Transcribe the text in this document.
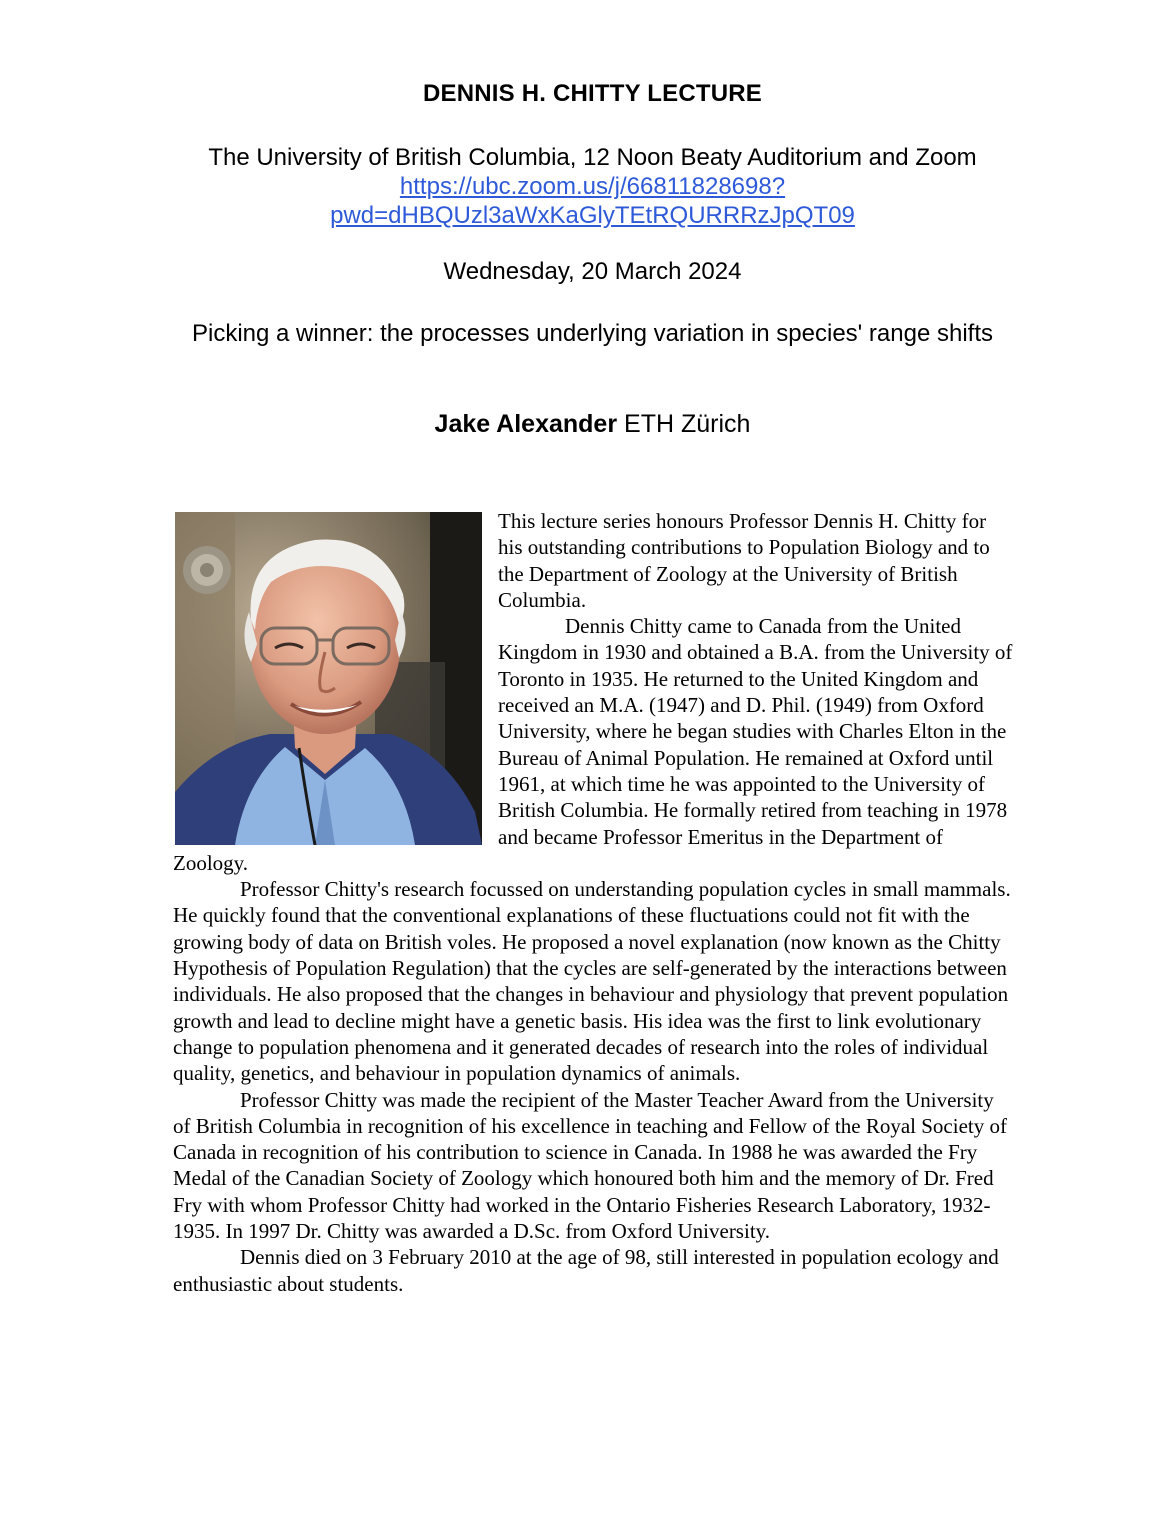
DENNIS H. CHITTY LECTURE
The University of British Columbia, 12 Noon Beaty Auditorium and Zoom https://ubc.zoom.us/j/66811828698?
pwd=dHBQUzl3aWxKaGlyTEtRQURRRzJpQT09
Wednesday, 20 March 2024
Picking a winner: the processes underlying variation in species' range shifts
Jake Alexander ETH Zürich

This lecture series honours Professor Dennis H. Chitty for his outstanding contributions to Population Biology and to the Department of Zoology at the University of British Columbia.

Dennis Chitty came to Canada from the United Kingdom in 1930 and obtained a B.A. from the University of Toronto in 1935. He returned to the United Kingdom and received an M.A. (1947) and D. Phil. (1949) from Oxford University, where he began studies with Charles Elton in the Bureau of Animal Population. He remained at Oxford until 1961, at which time he was appointed to the University of British Columbia. He formally retired from teaching in 1978 and became Professor Emeritus in the Department of Zoology.

Professor Chitty's research focussed on understanding population cycles in small mammals. He quickly found that the conventional explanations of these fluctuations could not fit with the growing body of data on British voles. He proposed a novel explanation (now known as the Chitty Hypothesis of Population Regulation) that the cycles are self-generated by the interactions between individuals. He also proposed that the changes in behaviour and physiology that prevent population growth and lead to decline might have a genetic basis. His idea was the first to link evolutionary change to population phenomena and it generated decades of research into the roles of individual quality, genetics, and behaviour in population dynamics of animals.

Professor Chitty was made the recipient of the Master Teacher Award from the University of British Columbia in recognition of his excellence in teaching and Fellow of the Royal Society of Canada in recognition of his contribution to science in Canada. In 1988 he was awarded the Fry Medal of the Canadian Society of Zoology which honoured both him and the memory of Dr. Fred Fry with whom Professor Chitty had worked in the Ontario Fisheries Research Laboratory, 1932-1935. In 1997 Dr. Chitty was awarded a D.Sc. from Oxford University.

Dennis died on 3 February 2010 at the age of 98, still interested in population ecology and enthusiastic about students.
